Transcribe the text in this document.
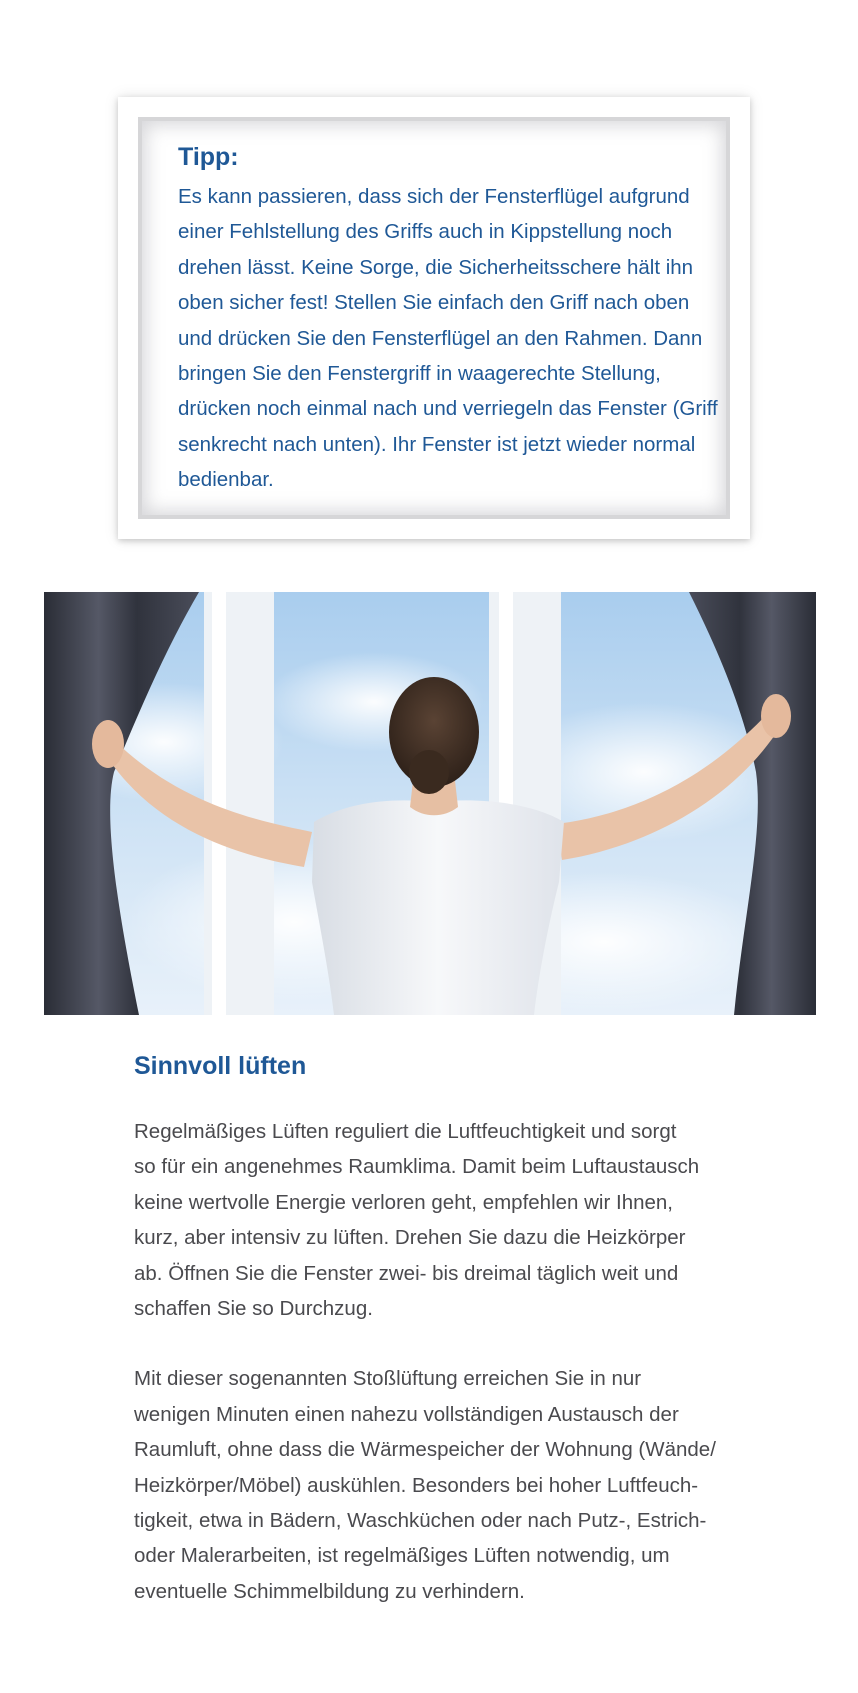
Tipp:

Es kann passieren, dass sich der Fensterflügel aufgrund einer Fehlstellung des Griffs auch in Kippstellung noch drehen lässt. Keine Sorge, die Sicherheitsschere hält ihn oben sicher fest! Stellen Sie einfach den Griff nach oben und drücken Sie den Fensterflügel an den Rahmen. Dann bringen Sie den Fenstergriff in waagerechte Stellung, drücken noch einmal nach und verriegeln das Fenster (Griff senkrecht nach unten). Ihr Fenster ist jetzt wieder normal bedienbar.

Sinnvoll lüften

Regelmäßiges Lüften reguliert die Luftfeuchtigkeit und sorgt
so für ein angenehmes Raumklima. Damit beim Luftaustausch
keine wertvolle Energie verloren geht, empfehlen wir Ihnen,
kurz, aber intensiv zu lüften. Drehen Sie dazu die Heizkörper
ab. Öffnen Sie die Fenster zwei- bis dreimal täglich weit und
schaffen Sie so Durchzug.

Mit dieser sogenannten Stoßlüftung erreichen Sie in nur
wenigen Minuten einen nahezu vollständigen Austausch der
Raumluft, ohne dass die Wärmespeicher der Wohnung (Wände/
Heizkörper/Möbel) auskühlen. Besonders bei hoher Luftfeuch-
tigkeit, etwa in Bädern, Waschküchen oder nach Putz-, Estrich-
oder Malerarbeiten, ist regelmäßiges Lüften notwendig, um
eventuelle Schimmelbildung zu verhindern.
